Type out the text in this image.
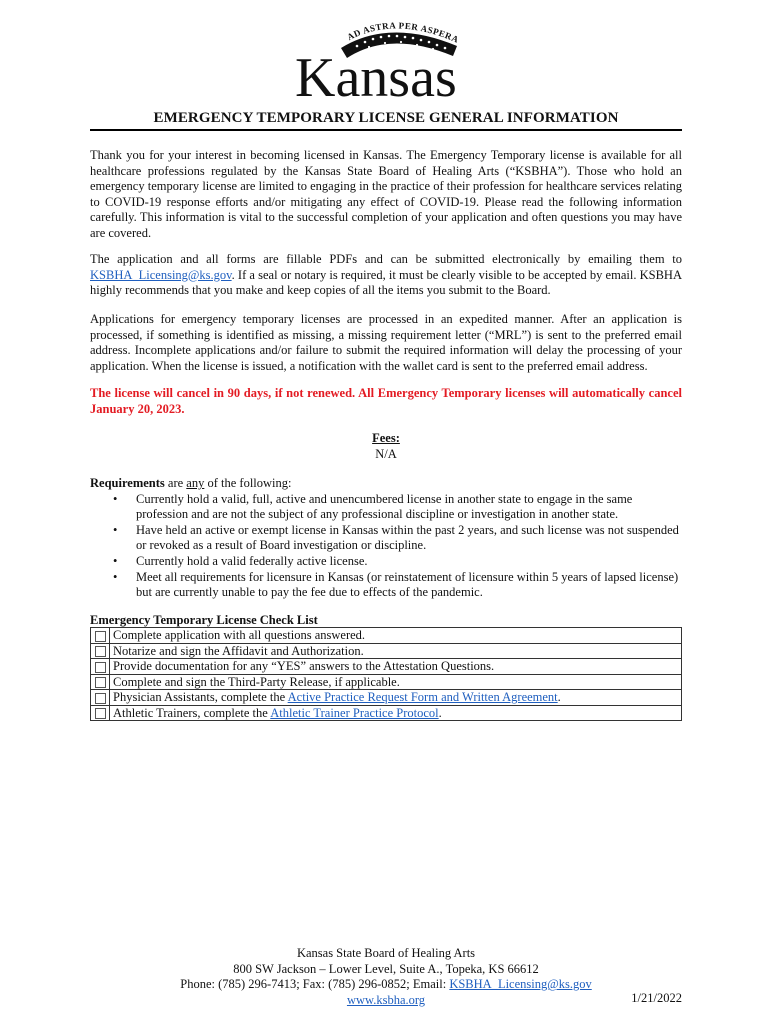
AD ASTRA PER ASPERA
Kansas
EMERGENCY TEMPORARY LICENSE GENERAL INFORMATION

Thank you for your interest in becoming licensed in Kansas. The Emergency Temporary license is available for all healthcare professions regulated by the Kansas State Board of Healing Arts (“KSBHA”). Those who hold an emergency temporary license are limited to engaging in the practice of their profession for healthcare services relating to COVID-19 response efforts and/or mitigating any effect of COVID-19. Please read the following information carefully. This information is vital to the successful completion of your application and often questions you may have are covered.

The application and all forms are fillable PDFs and can be submitted electronically by emailing them to KSBHA_Licensing@ks.gov. If a seal or notary is required, it must be clearly visible to be accepted by email. KSBHA highly recommends that you make and keep copies of all the items you submit to the Board.

Applications for emergency temporary licenses are processed in an expedited manner. After an application is processed, if something is identified as missing, a missing requirement letter (“MRL”) is sent to the preferred email address. Incomplete applications and/or failure to submit the required information will delay the processing of your application. When the license is issued, a notification with the wallet card is sent to the preferred email address.

The license will cancel in 90 days, if not renewed. All Emergency Temporary licenses will automatically cancel January 20, 2023.

Fees:
N/A
Requirements are any of the following:
• Currently hold a valid, full, active and unencumbered license in another state to engage in the same profession and are not the subject of any professional discipline or investigation in another state.
• Have held an active or exempt license in Kansas within the past 2 years, and such license was not suspended or revoked as a result of Board investigation or discipline.
• Currently hold a valid federally active license.
• Meet all requirements for licensure in Kansas (or reinstatement of licensure within 5 years of lapsed license) but are currently unable to pay the fee due to effects of the pandemic.
Emergency Temporary License Check List
	Complete application with all questions answered.
	Notarize and sign the Affidavit and Authorization.
	Provide documentation for any “YES” answers to the Attestation Questions.
	Complete and sign the Third-Party Release, if applicable.
	Physician Assistants, complete the Active Practice Request Form and Written Agreement.
	Athletic Trainers, complete the Athletic Trainer Practice Protocol.
Kansas State Board of Healing Arts
800 SW Jackson – Lower Level, Suite A., Topeka, KS 66612
Phone: (785) 296-7413; Fax: (785) 296-0852; Email: KSBHA_Licensing@ks.gov
www.ksbha.org	1/21/2022
